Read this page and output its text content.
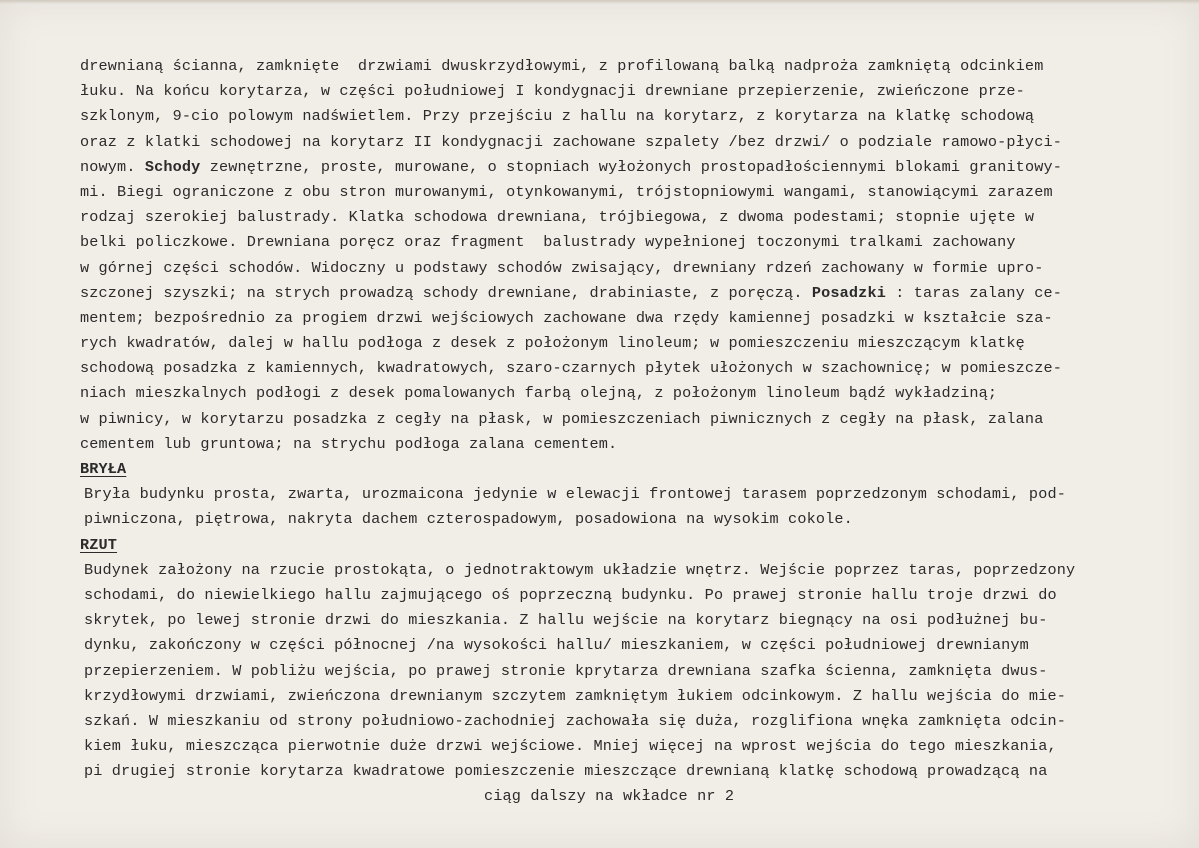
drewnianą ścianna, zamknięte  drzwiami dwuskrzydłowymi, z profilowaną balką nadproża zamkniętą odcinkiem
łuku. Na końcu korytarza, w części południowej I kondygnacji drewniane przepierzenie, zwieńczone prze-
szklonym, 9-cio polowym nadświetlem. Przy przejściu z hallu na korytarz, z korytarza na klatkę schodową
oraz z klatki schodowej na korytarz II kondygnacji zachowane szpalety /bez drzwi/ o podziale ramowo-płyci-
nowym. Schody zewnętrzne, proste, murowane, o stopniach wyłożonych prostopadłościennymi blokami granitowy-
mi. Biegi ograniczone z obu stron murowanymi, otynkowanymi, trójstopniowymi wangami, stanowiącymi zarazem
rodzaj szerokiej balustrady. Klatka schodowa drewniana, trójbiegowa, z dwoma podestami; stopnie ujęte w
belki policzkowe. Drewniana poręcz oraz fragment  balustrady wypełnionej toczonymi tralkami zachowany
w górnej części schodów. Widoczny u podstawy schodów zwisający, drewniany rdzeń zachowany w formie upro-
szczonej szyszki; na strych prowadzą schody drewniane, drabiniaste, z poręczą. Posadzki : taras zalany ce-
mentem; bezpośrednio za progiem drzwi wejściowych zachowane dwa rzędy kamiennej posadzki w kształcie sza-
rych kwadratów, dalej w hallu podłoga z desek z położonym linoleum; w pomieszczeniu mieszczącym klatkę
schodową posadzka z kamiennych, kwadratowych, szaro-czarnych płytek ułożonych w szachownicę; w pomieszcze-
niach mieszkalnych podłogi z desek pomalowanych farbą olejną, z położonym linoleum bądź wykładziną;
w piwnicy, w korytarzu posadzka z cegły na płask, w pomieszczeniach piwnicznych z cegły na płask, zalana
cementem lub gruntowa; na strychu podłoga zalana cementem.
BRYŁA
Bryła budynku prosta, zwarta, urozmaicona jedynie w elewacji frontowej tarasem poprzedzonym schodami, pod-
piwniczona, piętrowa, nakryta dachem czterospadowym, posadowiona na wysokim cokole.
RZUT
Budynek założony na rzucie prostokąta, o jednotraktowym układzie wnętrz. Wejście poprzez taras, poprzedzony
schodami, do niewielkiego hallu zajmującego oś poprzeczną budynku. Po prawej stronie hallu troje drzwi do
skrytek, po lewej stronie drzwi do mieszkania. Z hallu wejście na korytarz biegnący na osi podłużnej bu-
dynku, zakończony w części północnej /na wysokości hallu/ mieszkaniem, w części południowej drewnianym
przepierzeniem. W pobliżu wejścia, po prawej stronie kprytarza drewniana szafka ścienna, zamknięta dwus-
krzydłowymi drzwiami, zwieńczona drewnianym szczytem zamkniętym łukiem odcinkowym. Z hallu wejścia do mie-
szkań. W mieszkaniu od strony południowo-zachodniej zachowała się duża, rozglifiona wnęka zamknięta odcin-
kiem łuku, mieszcząca pierwotnie duże drzwi wejściowe. Mniej więcej na wprost wejścia do tego mieszkania,
pi drugiej stronie korytarza kwadratowe pomieszczenie mieszczące drewnianą klatkę schodową prowadzącą na
ciąg dalszy na wkładce nr 2
